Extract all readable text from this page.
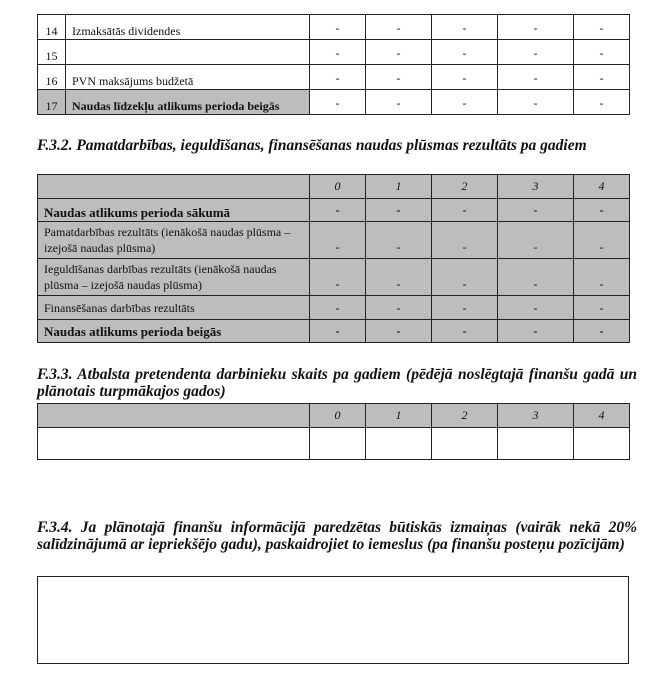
14	Izmaksātās dividendes	-	-	-	-	-
15		-	-	-	-	-
16	PVN maksājums budžetā	-	-	-	-	-
17	Naudas līdzekļu atlikums perioda beigās	-	-	-	-	-

F.3.2. Pamatdarbības, ieguldīšanas, finansēšanas naudas plūsmas rezultāts pa gadiem

	0	1	2	3	4
Naudas atlikums perioda sākumā	-	-	-	-	-
Pamatdarbības rezultāts (ienākošā naudas plūsma – izejošā naudas plūsma)	-	-	-	-	-
Ieguldīšanas darbības rezultāts (ienākošā naudas plūsma – izejošā naudas plūsma)	-	-	-	-	-
Finansēšanas darbības rezultāts	-	-	-	-	-
Naudas atlikums perioda beigās	-	-	-	-	-

F.3.3. Atbalsta pretendenta darbinieku skaits pa gadiem (pēdējā noslēgtajā finanšu gadā un plānotais turpmākajos gados)

	0	1	2	3	4

F.3.4. Ja plānotajā finanšu informācijā paredzētas būtiskās izmaiņas (vairāk nekā 20% salīdzinājumā ar iepriekšējo gadu), paskaidrojiet to iemeslus (pa finanšu posteņu pozīcijām)
